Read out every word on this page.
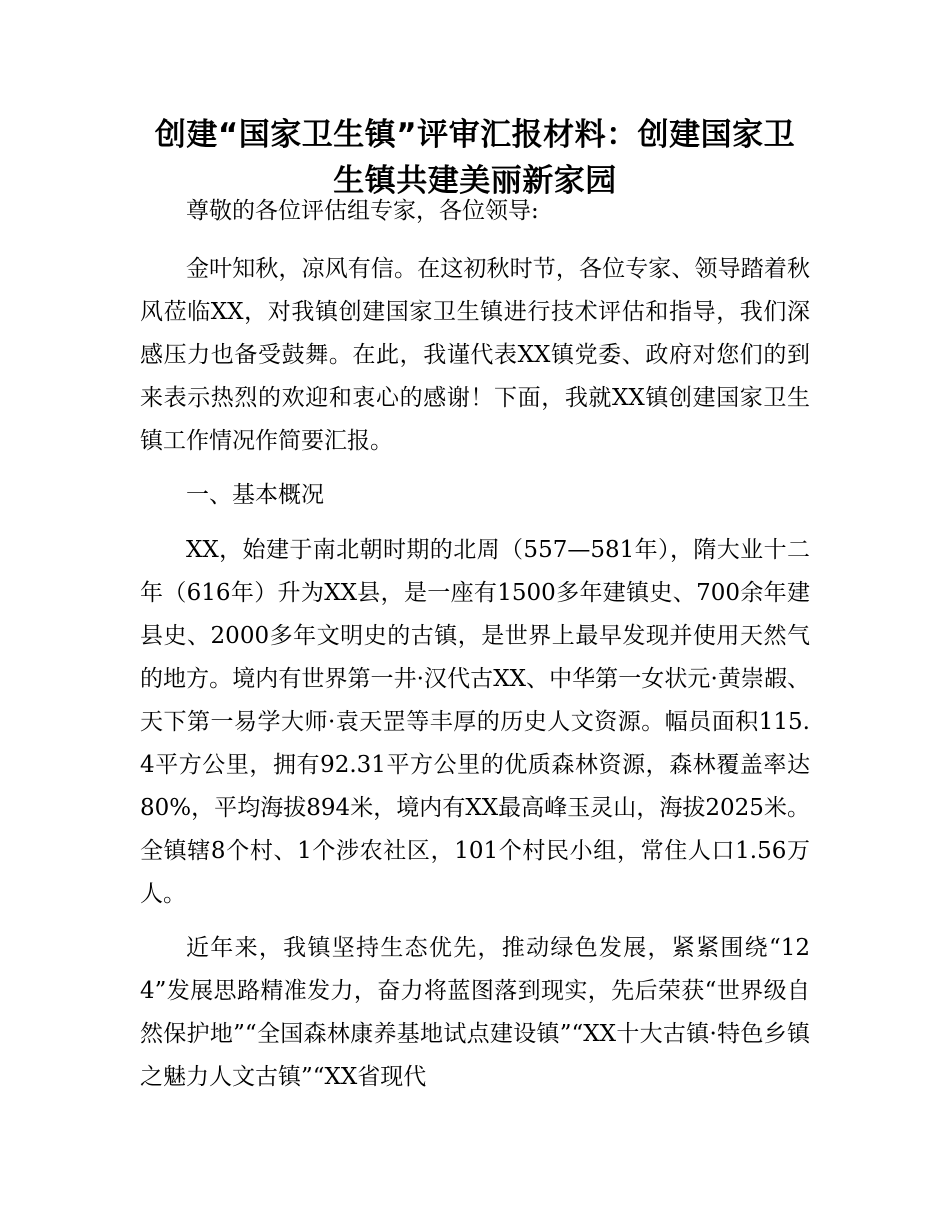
创建“国家卫生镇”评审汇报材料：创建国家卫生镇共建美丽新家园

尊敬的各位评估组专家，各位领导:

金叶知秋，凉风有信。在这初秋时节，各位专家、领导踏着秋风莅临XX，对我镇创建国家卫生镇进行技术评估和指导，我们深感压力也备受鼓舞。在此，我谨代表XX镇党委、政府对您们的到来表示热烈的欢迎和衷心的感谢！下面，我就XX镇创建国家卫生镇工作情况作简要汇报。

一、基本概况

XX，始建于南北朝时期的北周（557—581年），隋大业十二年（616年）升为XX县，是一座有1500多年建镇史、700余年建县史、2000多年文明史的古镇，是世界上最早发现并使用天然气的地方。境内有世界第一井·汉代古XX、中华第一女状元·黄崇嘏、天下第一易学大师·袁天罡等丰厚的历史人文资源。幅员面积115.4平方公里，拥有92.31平方公里的优质森林资源，森林覆盖率达80%，平均海拔894米，境内有XX最高峰玉灵山，海拔2025米。全镇辖8个村、1个涉农社区，101个村民小组，常住人口1.56万人。

近年来，我镇坚持生态优先，推动绿色发展，紧紧围绕“124”发展思路精准发力，奋力将蓝图落到现实，先后荣获“世界级自然保护地”“全国森林康养基地试点建设镇”“XX十大古镇·特色乡镇之魅力人文古镇”“XX省现代
